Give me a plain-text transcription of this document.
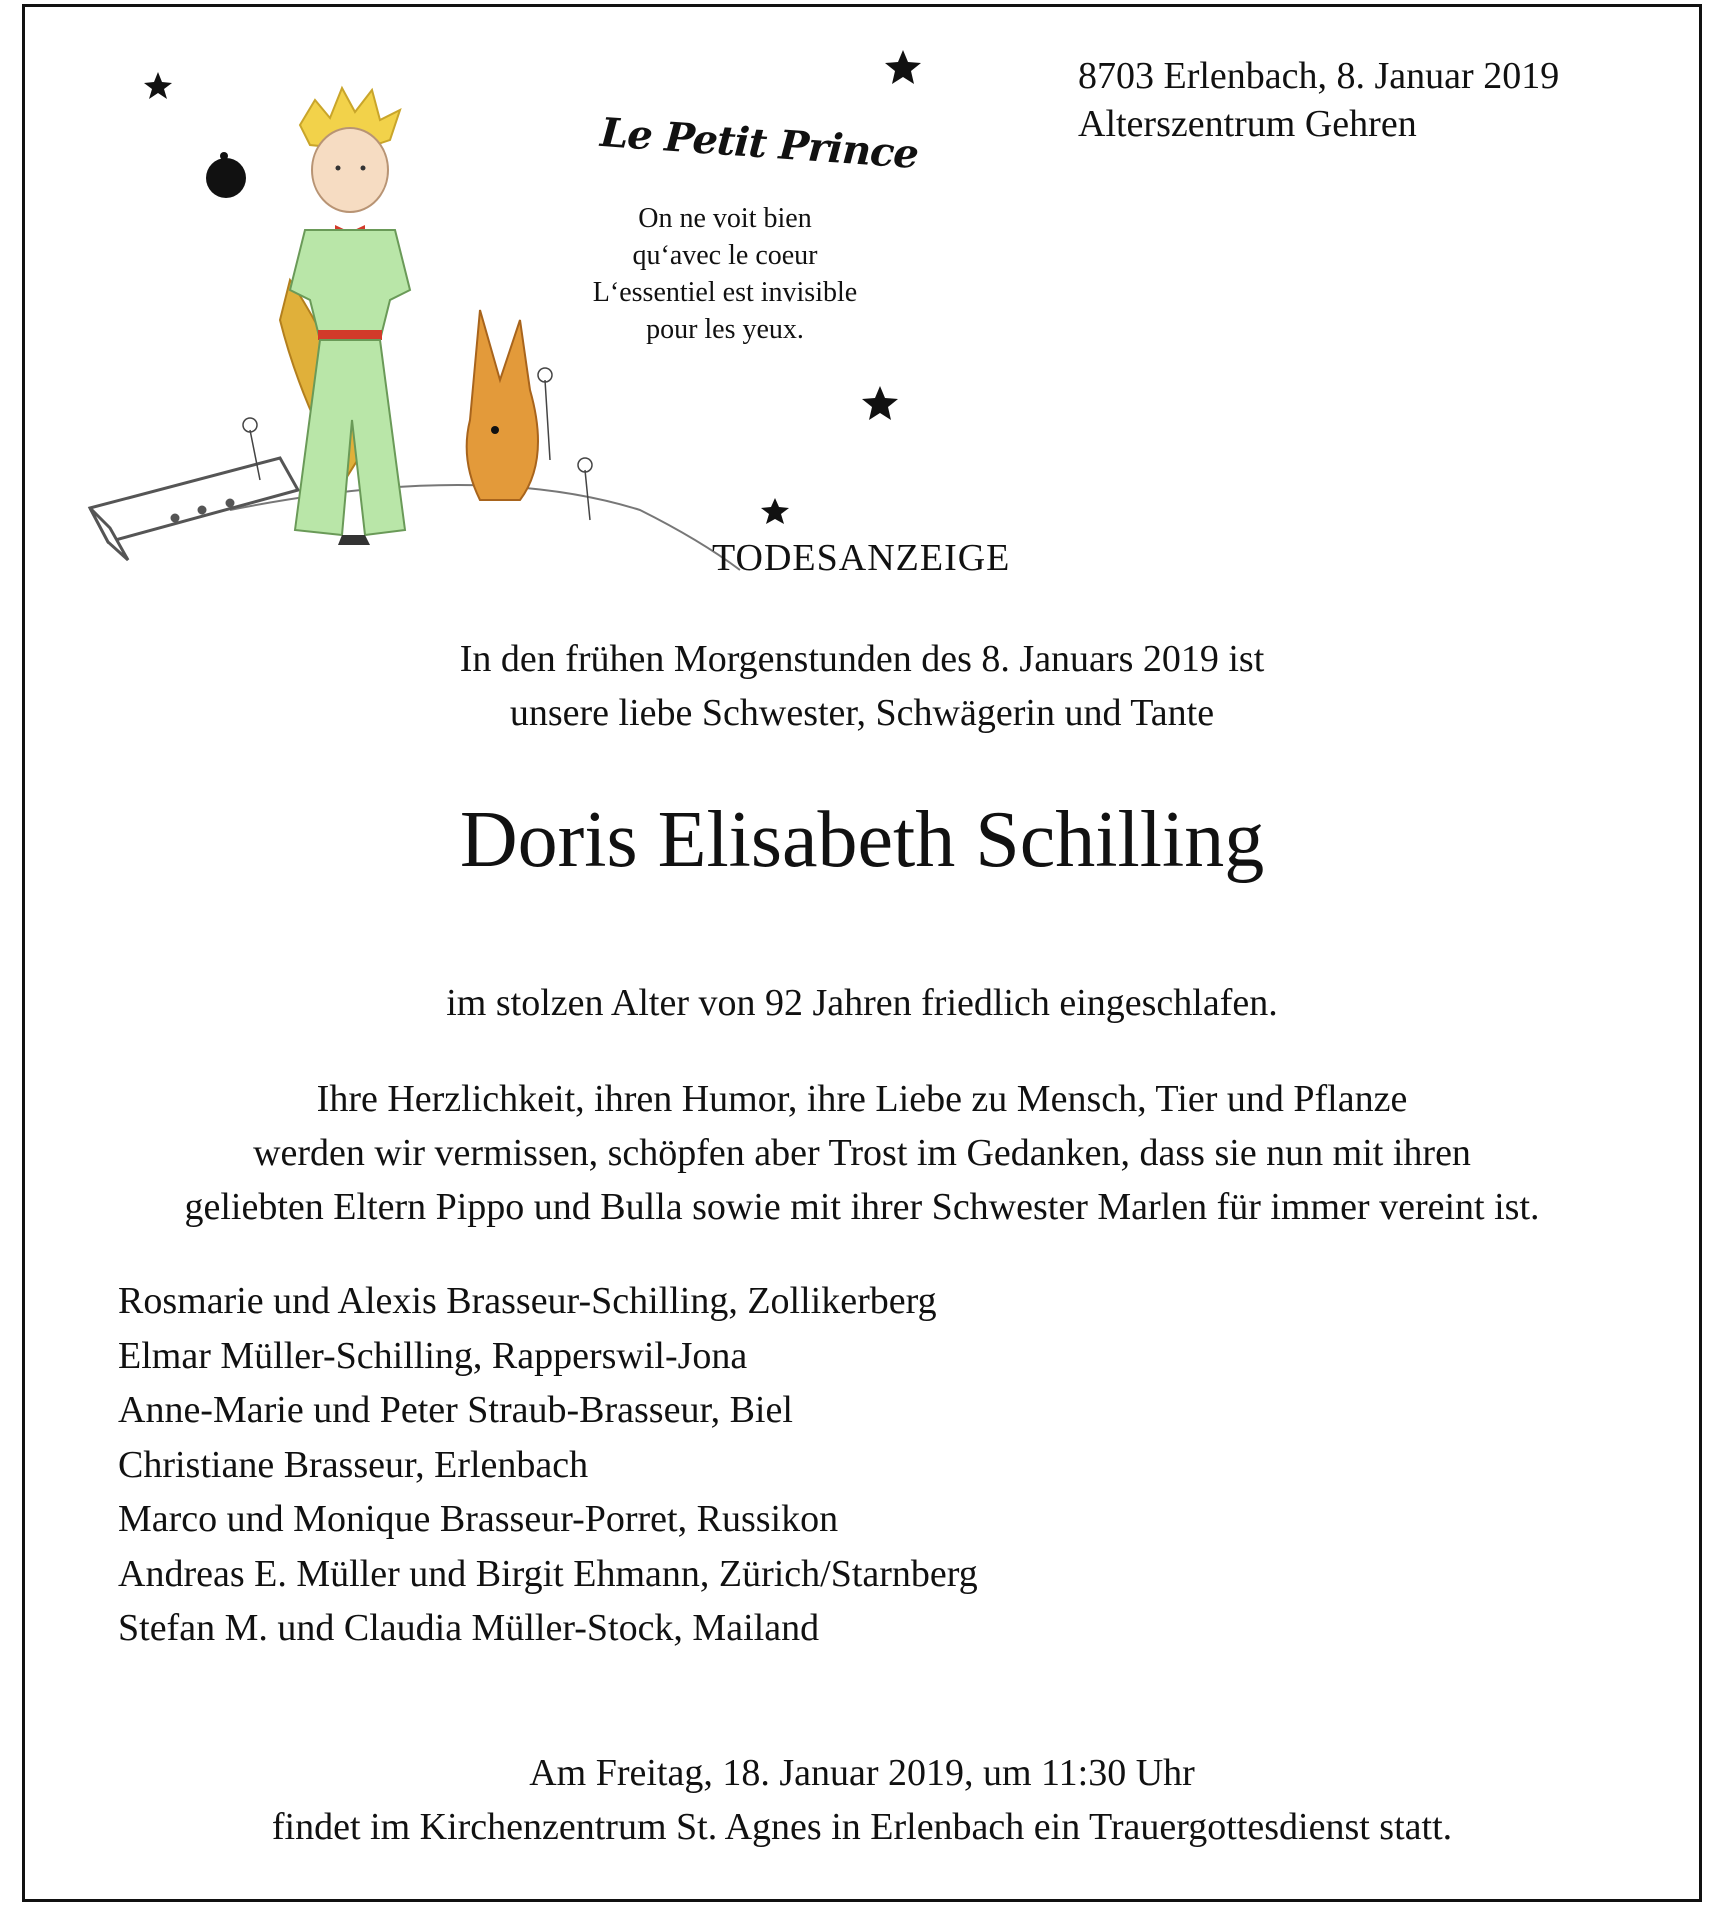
8703 Erlenbach, 8. Januar 2019
Alterszentrum Gehren
Le Petit Prince
On ne voit bien
qu‘avec le coeur
L‘essentiel est invisible
pour les yeux.
TODESANZEIGE
In den frühen Morgenstunden des 8. Januars 2019 ist
unsere liebe Schwester, Schwägerin und Tante
Doris Elisabeth Schilling
im stolzen Alter von 92 Jahren friedlich eingeschlafen.
Ihre Herzlichkeit, ihren Humor, ihre Liebe zu Mensch, Tier und Pflanze
werden wir vermissen, schöpfen aber Trost im Gedanken, dass sie nun mit ihren
geliebten Eltern Pippo und Bulla sowie mit ihrer Schwester Marlen für immer vereint ist.
Rosmarie und Alexis Brasseur-Schilling, Zollikerberg
Elmar Müller-Schilling, Rapperswil-Jona
Anne-Marie und Peter Straub-Brasseur, Biel
Christiane Brasseur, Erlenbach
Marco und Monique Brasseur-Porret, Russikon
Andreas E. Müller und Birgit Ehmann, Zürich/Starnberg
Stefan M. und Claudia Müller-Stock, Mailand
Am Freitag, 18. Januar 2019, um 11:30 Uhr
findet im Kirchenzentrum St. Agnes in Erlenbach ein Trauergottesdienst statt.
